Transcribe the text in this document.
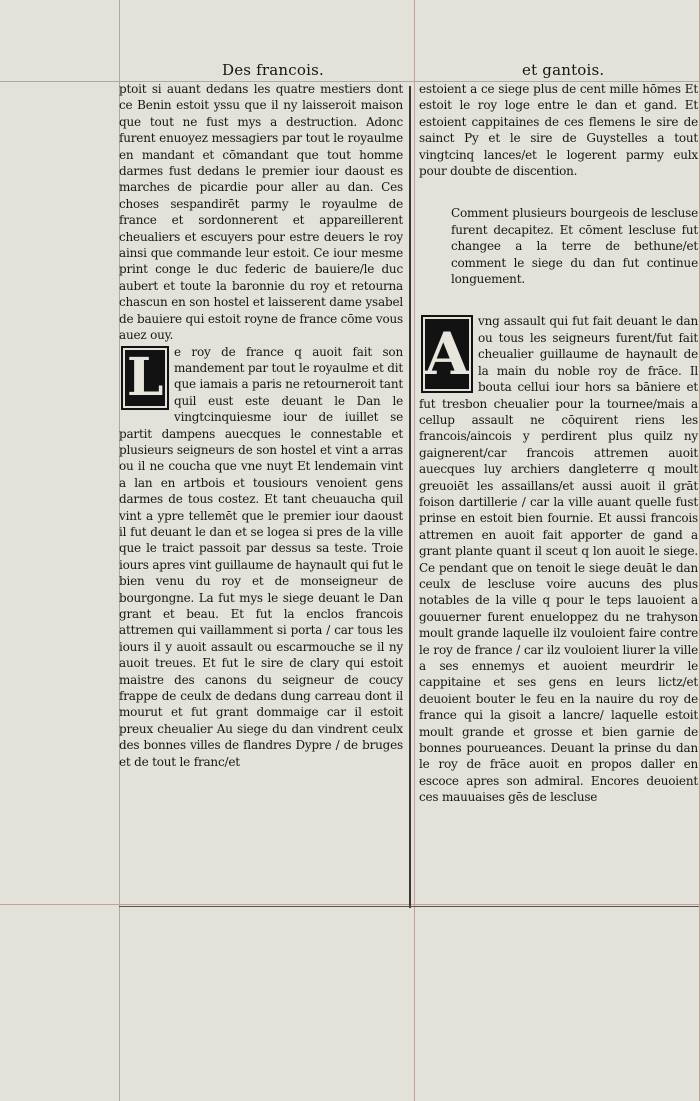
Des francois.	et gantois.

ptoit si auant dedans les quatre mestiers dont ce Benin estoit yssu que il ny laisseroit maison que tout ne fust mys a destruction. Adonc furent enuoyez messagiers par tout le royaulme en mandant et cōmandant que tout homme darmes fust dedans le premier iour daoust es marches de picardie pour aller au dan. Ces choses sespandirēt parmy le royaulme de france et sordonnerent et appareillerent cheualiers et escuyers pour estre deuers le roy ainsi que commande leur estoit. Ce iour mesme print conge le duc federic de bauiere/le duc aubert et toute la baronnie du roy et retourna chascun en son hostel et laisserent dame ysabel de bauiere qui estoit royne de france cōme vous auez ouy.

L e roy de france q auoit fait son mandement par tout le royaulme et dit que iamais a paris ne retourneroit tant quil eust este deuant le Dan le vingtcinquiesme iour de iuillet se partit dampens auecques le connestable et plusieurs seigneurs de son hostel et vint a arras ou il ne coucha que vne nuyt Et lendemain vint a lan en artbois et tousiours venoient gens darmes de tous costez. Et tant cheuaucha quil vint a ypre tellemēt que le premier iour daoust il fut deuant le dan et se logea si pres de la ville que le traict passoit par dessus sa teste. Troie iours apres vint guillaume de haynault qui fut le bien venu du roy et de monseigneur de bourgongne. La fut mys le siege deuant le Dan grant et beau. Et fut la enclos francois attremen qui vaillamment si porta / car tous les iours il y auoit assault ou escarmouche se il ny auoit treues. Et fut le sire de clary qui estoit maistre des canons du seigneur de coucy frappe de ceulx de dedans dung carreau dont il mourut et fut grant dommaige car il estoit preux cheualier Au siege du dan vindrent ceulx des bonnes villes de flandres Dypre / de bruges et de tout le franc/et

estoient a ce siege plus de cent mille hōmes Et estoit le roy loge entre le dan et gand. Et estoient cappitaines de ces flemens le sire de sainct Py et le sire de Guystelles a tout vingtcinq lances/et le logerent parmy eulx pour doubte de discention.

Comment plusieurs bourgeois de lescluse furent decapitez. Et cōment lescluse fut changee a la terre de bethune/et comment le siege du dan fut continue longuement.

A vng assault qui fut fait deuant le dan ou tous les seigneurs furent/fut fait cheualier guillaume de haynault de la main du noble roy de frāce. Il bouta cellui iour hors sa bāniere et fut tresbon cheualier pour la tournee/mais a cellup assault ne cōquirent riens les francois/aincois y perdirent plus quilz ny gaignerent/car francois attremen auoit auecques luy archiers dangleterre q moult greuoiēt les assaillans/et aussi auoit il grāt foison dartillerie / car la ville auant quelle fust prinse en estoit bien fournie. Et aussi francois attremen en auoit fait apporter de gand a grant plante quant il sceut q lon auoit le siege. Ce pendant que on tenoit le siege deuāt le dan ceulx de lescluse voire aucuns des plus notables de la ville q pour le teps lauoient a gouuerner furent enueloppez du ne trahyson moult grande laquelle ilz vouloient faire contre le roy de france / car ilz vouloient liurer la ville a ses ennemys et auoient meurdrir le cappitaine et ses gens en leurs lictz/et deuoient bouter le feu en la nauire du roy de france qui la gisoit a lancre/ laquelle estoit moult grande et grosse et bien garnie de bonnes pourueances. Deuant la prinse du dan le roy de frāce auoit en propos daller en escoce apres son admiral. Encores deuoient ces mauuaises gēs de lescluse
